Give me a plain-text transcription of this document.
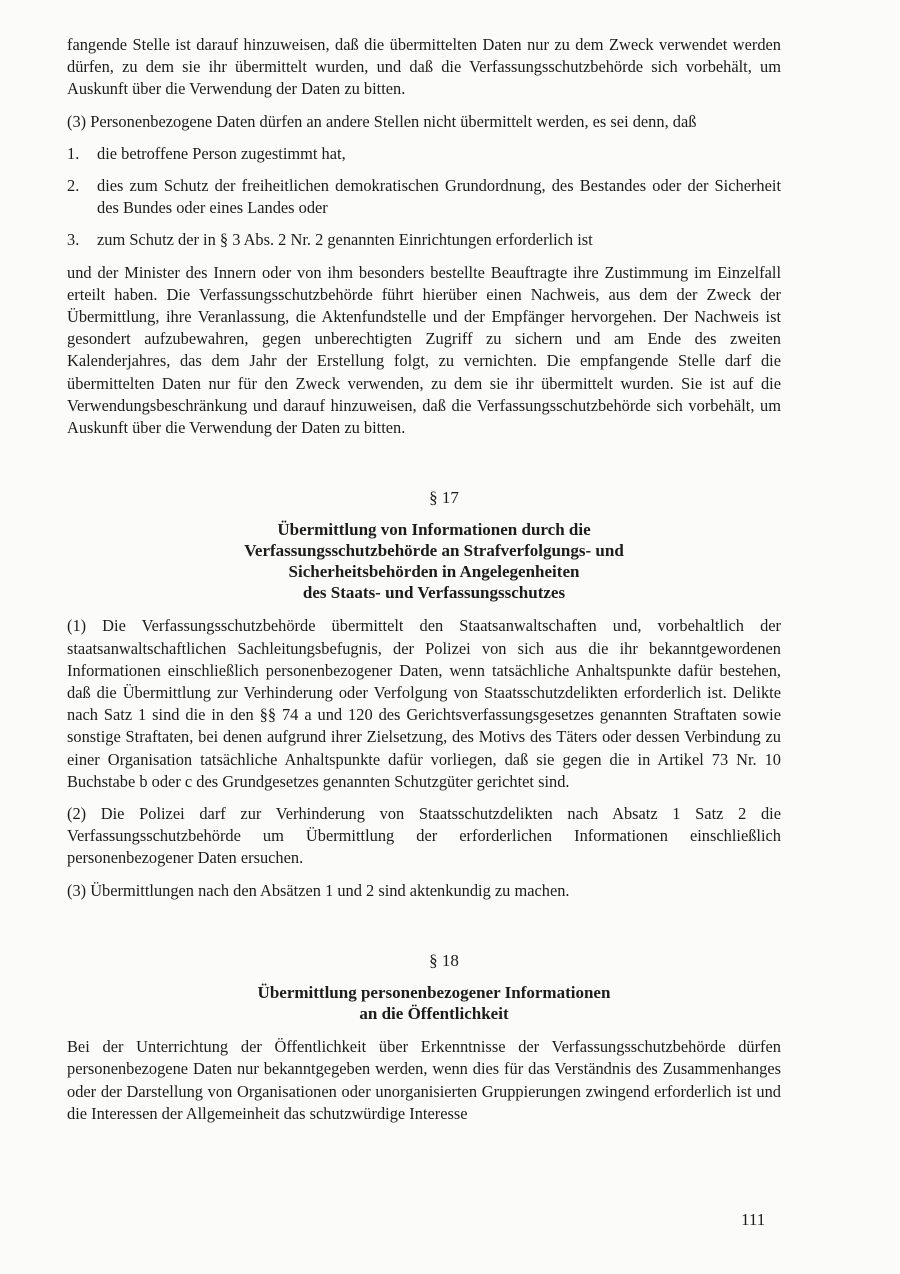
fangende Stelle ist darauf hinzuweisen, daß die übermittelten Daten nur zu dem Zweck verwendet werden dürfen, zu dem sie ihr übermittelt wurden, und daß die Verfassungsschutzbehörde sich vorbehält, um Auskunft über die Verwendung der Daten zu bitten.

(3) Personenbezogene Daten dürfen an andere Stellen nicht übermittelt werden, es sei denn, daß

1.	die betroffene Person zugestimmt hat,
2.	dies zum Schutz der freiheitlichen demokratischen Grundordnung, des Bestandes oder der Sicherheit des Bundes oder eines Landes oder
3.	zum Schutz der in § 3 Abs. 2 Nr. 2 genannten Einrichtungen erforderlich ist

und der Minister des Innern oder von ihm besonders bestellte Beauftragte ihre Zustimmung im Einzelfall erteilt haben. Die Verfassungsschutzbehörde führt hierüber einen Nachweis, aus dem der Zweck der Übermittlung, ihre Veranlassung, die Aktenfundstelle und der Empfänger hervorgehen. Der Nachweis ist gesondert aufzubewahren, gegen unberechtigten Zugriff zu sichern und am Ende des zweiten Kalenderjahres, das dem Jahr der Erstellung folgt, zu vernichten. Die empfangende Stelle darf die übermittelten Daten nur für den Zweck verwenden, zu dem sie ihr übermittelt wurden. Sie ist auf die Verwendungsbeschränkung und darauf hinzuweisen, daß die Verfassungsschutzbehörde sich vorbehält, um Auskunft über die Verwendung der Daten zu bitten.

§ 17
Übermittlung von Informationen durch die
Verfassungsschutzbehörde an Strafverfolgungs- und
Sicherheitsbehörden in Angelegenheiten
des Staats- und Verfassungsschutzes

(1) Die Verfassungsschutzbehörde übermittelt den Staatsanwaltschaften und, vorbehaltlich der staatsanwaltschaftlichen Sachleitungsbefugnis, der Polizei von sich aus die ihr bekanntgewordenen Informationen einschließlich personenbezogener Daten, wenn tatsächliche Anhaltspunkte dafür bestehen, daß die Übermittlung zur Verhinderung oder Verfolgung von Staatsschutzdelikten erforderlich ist. Delikte nach Satz 1 sind die in den §§ 74 a und 120 des Gerichtsverfassungsgesetzes genannten Straftaten sowie sonstige Straftaten, bei denen aufgrund ihrer Zielsetzung, des Motivs des Täters oder dessen Verbindung zu einer Organisation tatsächliche Anhaltspunkte dafür vorliegen, daß sie gegen die in Artikel 73 Nr. 10 Buchstabe b oder c des Grundgesetzes genannten Schutzgüter gerichtet sind.

(2) Die Polizei darf zur Verhinderung von Staatsschutzdelikten nach Absatz 1 Satz 2 die Verfassungsschutzbehörde um Übermittlung der erforderlichen Informationen einschließlich personenbezogener Daten ersuchen.

(3) Übermittlungen nach den Absätzen 1 und 2 sind aktenkundig zu machen.

§ 18
Übermittlung personenbezogener Informationen
an die Öffentlichkeit

Bei der Unterrichtung der Öffentlichkeit über Erkenntnisse der Verfassungsschutzbehörde dürfen personenbezogene Daten nur bekanntgegeben werden, wenn dies für das Verständnis des Zusammenhanges oder der Darstellung von Organisationen oder unorganisierten Gruppierungen zwingend erforderlich ist und die Interessen der Allgemeinheit das schutzwürdige Interesse

111
